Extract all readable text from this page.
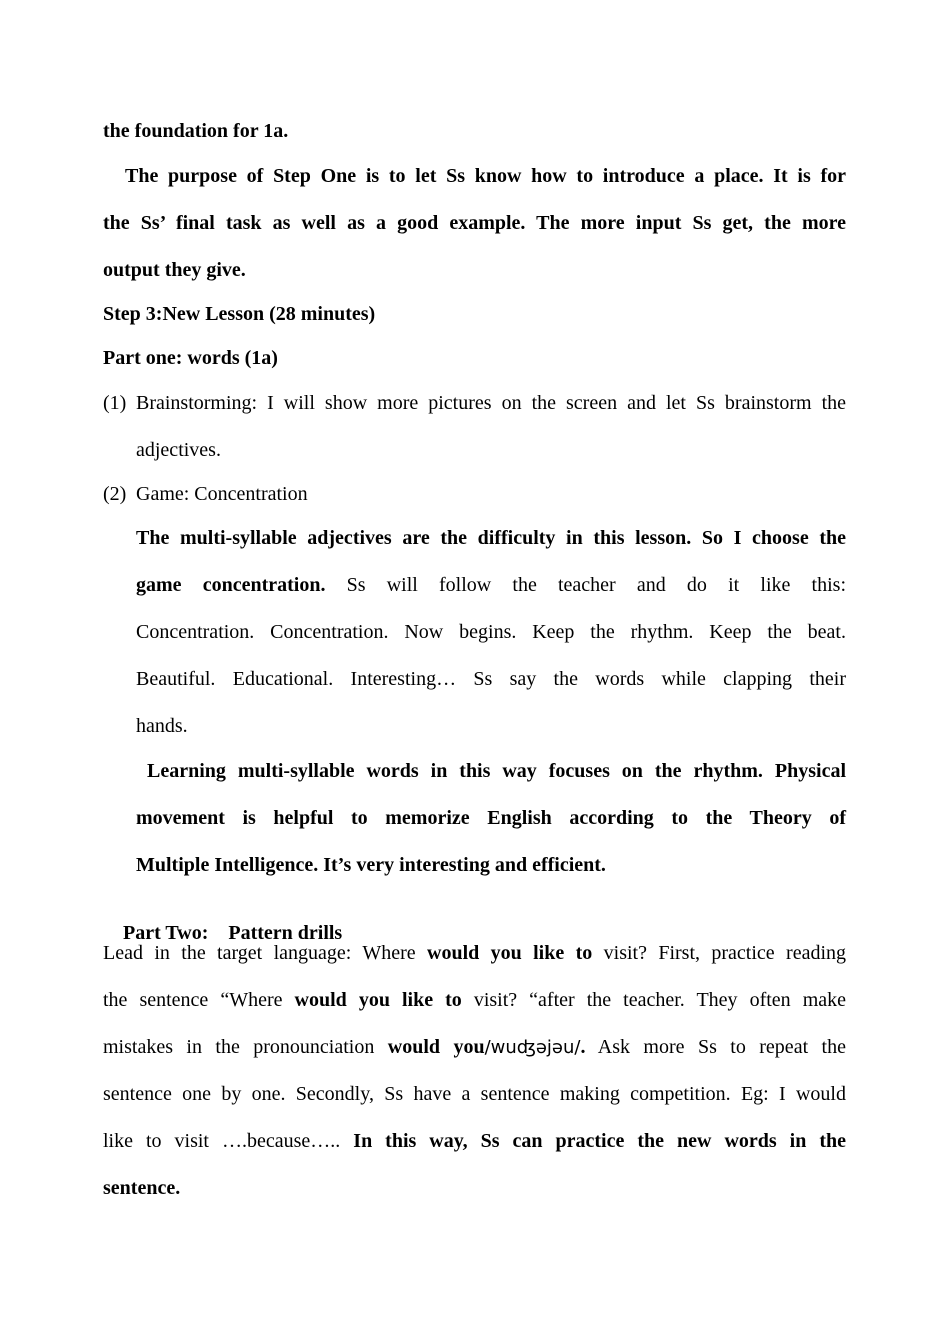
the foundation for 1a.
The purpose of Step One is to let Ss know how to introduce a place. It is for
the Ss’ final task as well as a good example. The more input Ss get, the more
output they give.
Step 3:New Lesson (28 minutes)
Part one: words (1a)
(1) Brainstorming: I will show more pictures on the screen and let Ss brainstorm the
adjectives.
(2) Game: Concentration
The multi-syllable adjectives are the difficulty in this lesson. So I choose the
game concentration. Ss will follow the teacher and do it like this:
Concentration. Concentration. Now begins. Keep the rhythm. Keep the beat.
Beautiful. Educational. Interesting… Ss say the words while clapping their
hands.
Learning multi-syllable words in this way focuses on the rhythm. Physical
movement is helpful to memorize English according to the Theory of
Multiple Intelligence. It’s very interesting and efficient.

Part Two:    Pattern drills

Lead in the target language: Where would you like to visit? First, practice reading
the sentence “Where would you like to visit? “after the teacher. They often make
mistakes in the pronounciation would you/wuʤəjəu/. Ask more Ss to repeat the
sentence one by one. Secondly, Ss have a sentence making competition. Eg: I would
like to visit ….because….. In this way, Ss can practice the new words in the
sentence.
